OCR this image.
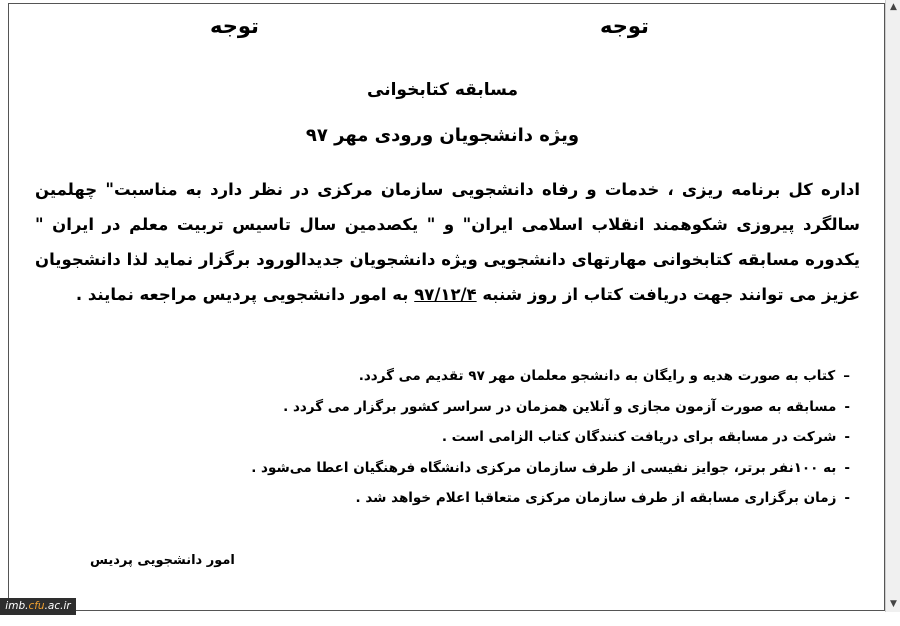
▲
▼
توجه
توجه
مسابقه کتابخوانی
ویژه دانشجویان ورودی مهر ۹۷
اداره کل برنامه ریزی ، خدمات و رفاه دانشجویی سازمان مرکزی در نظر دارد به مناسبت" چهلمین سالگرد پیروزی شکوهمند انقلاب اسلامی ایران" و " یکصدمین سال تاسیس تربیت معلم در ایران " یکدوره مسابقه کتابخوانی مهارتهای دانشجویی ویژه دانشجویان جدیدالورود برگزار نماید لذا دانشجویان عزیز می توانند جهت دریافت کتاب از روز شنبه ۹۷/۱۲/۴ به امور دانشجویی پردیس مراجعه نمایند .
–کتاب به صورت هدیه و رایگان به دانشجو معلمان مهر ۹۷ تقدیم می گردد.
-مسابقه به صورت آزمون مجازی و آنلاین همزمان در سراسر کشور برگزار می گردد .
-شرکت در مسابقه برای دریافت کنندگان کتاب الزامی است .
-به ۱۰۰نفر برتر، جوایز نفیسی از طرف سازمان مرکزی دانشگاه فرهنگیان اعطا می‌شود .
-زمان برگزاری مسابقه از طرف سازمان مرکزی متعاقبا اعلام خواهد شد .
امور دانشجویی پردیس
imb.cfu.ac.ir
